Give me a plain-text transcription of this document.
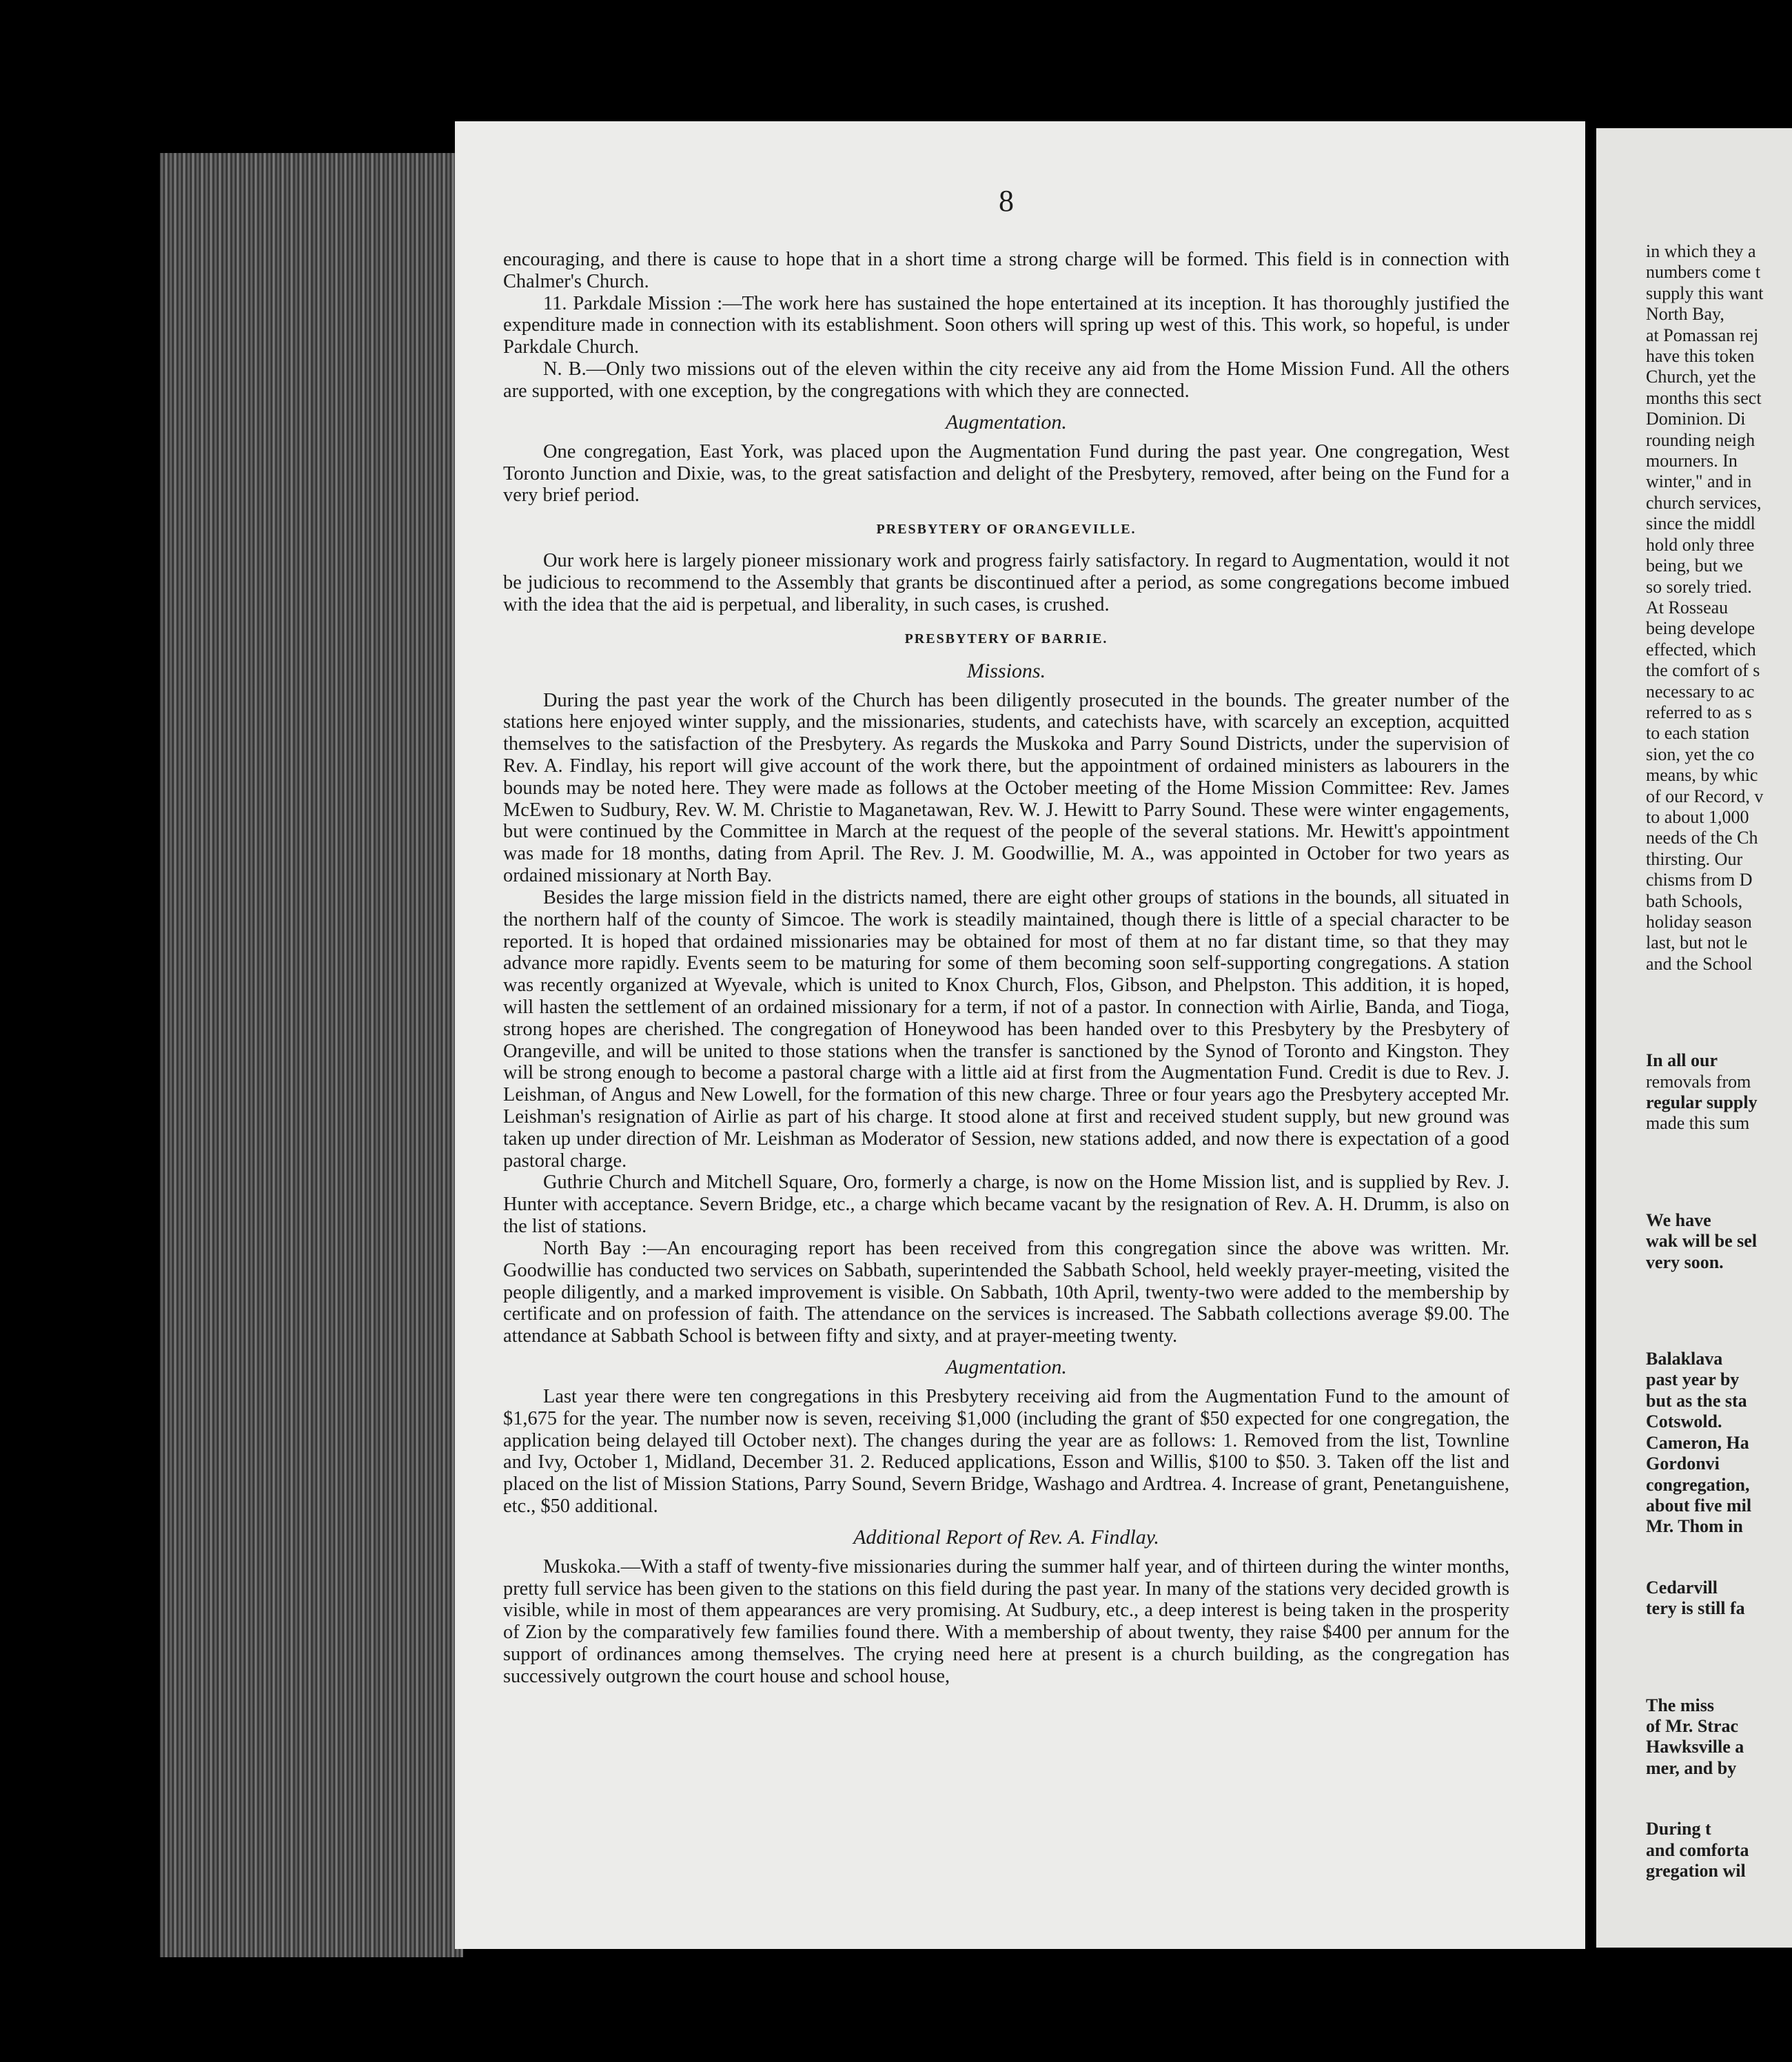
8

encouraging, and there is cause to hope that in a short time a strong charge will be formed. This field is in connection with Chalmer's Church.

11. Parkdale Mission :—The work here has sustained the hope entertained at its inception. It has thoroughly justified the expenditure made in connection with its establishment. Soon others will spring up west of this. This work, so hopeful, is under Parkdale Church.

N. B.—Only two missions out of the eleven within the city receive any aid from the Home Mission Fund. All the others are supported, with one exception, by the congregations with which they are connected.

Augmentation.

One congregation, East York, was placed upon the Augmentation Fund during the past year. One congregation, West Toronto Junction and Dixie, was, to the great satisfaction and delight of the Presbytery, removed, after being on the Fund for a very brief period.

PRESBYTERY OF ORANGEVILLE.

Our work here is largely pioneer missionary work and progress fairly satisfactory. In regard to Augmentation, would it not be judicious to recommend to the Assembly that grants be discontinued after a period, as some congregations become imbued with the idea that the aid is perpetual, and liberality, in such cases, is crushed.

PRESBYTERY OF BARRIE.
Missions.

During the past year the work of the Church has been diligently prosecuted in the bounds. The greater number of the stations here enjoyed winter supply, and the missionaries, students, and catechists have, with scarcely an exception, acquitted themselves to the satisfaction of the Presbytery. As regards the Muskoka and Parry Sound Districts, under the supervision of Rev. A. Findlay, his report will give account of the work there, but the appointment of ordained ministers as labourers in the bounds may be noted here. They were made as follows at the October meeting of the Home Mission Committee: Rev. James McEwen to Sudbury, Rev. W. M. Christie to Maganetawan, Rev. W. J. Hewitt to Parry Sound. These were winter engagements, but were continued by the Committee in March at the request of the people of the several stations. Mr. Hewitt's appointment was made for 18 months, dating from April. The Rev. J. M. Goodwillie, M. A., was appointed in October for two years as ordained missionary at North Bay.

Besides the large mission field in the districts named, there are eight other groups of stations in the bounds, all situated in the northern half of the county of Simcoe. The work is steadily maintained, though there is little of a special character to be reported. It is hoped that ordained missionaries may be obtained for most of them at no far distant time, so that they may advance more rapidly. Events seem to be maturing for some of them becoming soon self-supporting congregations. A station was recently organized at Wyevale, which is united to Knox Church, Flos, Gibson, and Phelpston. This addition, it is hoped, will hasten the settlement of an ordained missionary for a term, if not of a pastor. In connection with Airlie, Banda, and Tioga, strong hopes are cherished. The congregation of Honeywood has been handed over to this Presbytery by the Presbytery of Orangeville, and will be united to those stations when the transfer is sanctioned by the Synod of Toronto and Kingston. They will be strong enough to become a pastoral charge with a little aid at first from the Augmentation Fund. Credit is due to Rev. J. Leishman, of Angus and New Lowell, for the formation of this new charge. Three or four years ago the Presbytery accepted Mr. Leishman's resignation of Airlie as part of his charge. It stood alone at first and received student supply, but new ground was taken up under direction of Mr. Leishman as Moderator of Session, new stations added, and now there is expectation of a good pastoral charge.

Guthrie Church and Mitchell Square, Oro, formerly a charge, is now on the Home Mission list, and is supplied by Rev. J. Hunter with acceptance. Severn Bridge, etc., a charge which became vacant by the resignation of Rev. A. H. Drumm, is also on the list of stations.

North Bay :—An encouraging report has been received from this congregation since the above was written. Mr. Goodwillie has conducted two services on Sabbath, superintended the Sabbath School, held weekly prayer-meeting, visited the people diligently, and a marked improvement is visible. On Sabbath, 10th April, twenty-two were added to the membership by certificate and on profession of faith. The attendance on the services is increased. The Sabbath collections average $9.00. The attendance at Sabbath School is between fifty and sixty, and at prayer-meeting twenty.

Augmentation.

Last year there were ten congregations in this Presbytery receiving aid from the Augmentation Fund to the amount of $1,675 for the year. The number now is seven, receiving $1,000 (including the grant of $50 expected for one congregation, the application being delayed till October next). The changes during the year are as follows: 1. Removed from the list, Townline and Ivy, October 1, Midland, December 31. 2. Reduced applications, Esson and Willis, $100 to $50. 3. Taken off the list and placed on the list of Mission Stations, Parry Sound, Severn Bridge, Washago and Ardtrea. 4. Increase of grant, Penetanguishene, etc., $50 additional.

Additional Report of Rev. A. Findlay.

Muskoka.—With a staff of twenty-five missionaries during the summer half year, and of thirteen during the winter months, pretty full service has been given to the stations on this field during the past year. In many of the stations very decided growth is visible, while in most of them appearances are very promising. At Sudbury, etc., a deep interest is being taken in the prosperity of Zion by the comparatively few families found there. With a membership of about twenty, they raise $400 per annum for the support of ordinances among themselves. The crying need here at present is a church building, as the congregation has successively outgrown the court house and school house,

in which they a

numbers come t

supply this want

North Bay,

at Pomassan rej

have this token

Church, yet the

months this sect

Dominion. Di

rounding neigh

mourners. In

winter," and in

church services,

since the middl

hold only three

being, but we

so sorely tried.

At Rosseau

being develope

effected, which

the comfort of s

necessary to ac

referred to as s

to each station

sion, yet the co

means, by whic

of our Record, v

to about 1,000

needs of the Ch

thirsting. Our

chisms from D

bath Schools,

holiday season

last, but not le

and the School

In all our

removals from

regular supply

made this sum

We have

wak will be sel

very soon.

Balaklava

past year by

but as the sta

Cotswold.

Cameron, Ha

Gordonvi

congregation,

about five mil

Mr. Thom in

Cedarvill

tery is still fa

The miss

of Mr. Strac

Hawksville a

mer, and by

During t

and comforta

gregation wil
